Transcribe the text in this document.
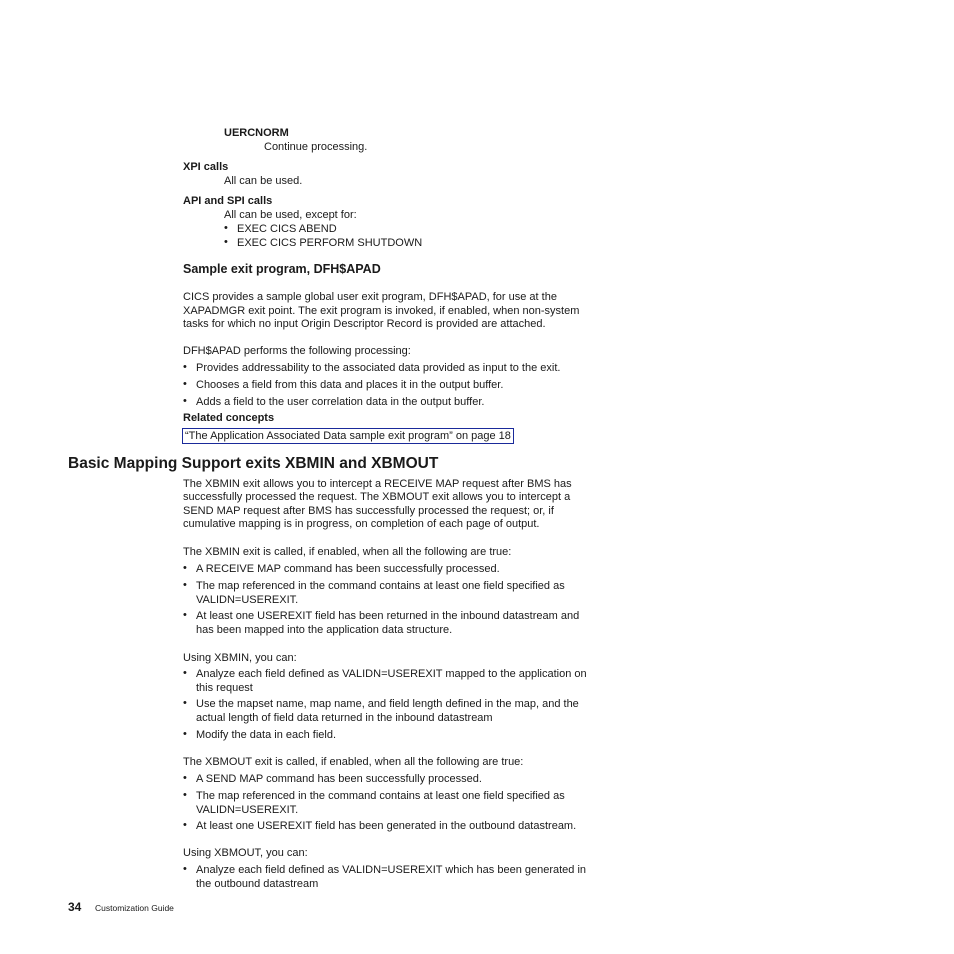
UERCNORM
Continue processing.
XPI calls
All can be used.
API and SPI calls
All can be used, except for:
• EXEC CICS ABEND
• EXEC CICS PERFORM SHUTDOWN
Sample exit program, DFH$APAD
CICS provides a sample global user exit program, DFH$APAD, for use at the
XAPADMGR exit point. The exit program is invoked, if enabled, when non-system
tasks for which no input Origin Descriptor Record is provided are attached.
DFH$APAD performs the following processing:
• Provides addressability to the associated data provided as input to the exit.
• Chooses a field from this data and places it in the output buffer.
• Adds a field to the user correlation data in the output buffer.
Related concepts
“The Application Associated Data sample exit program” on page 18
Basic Mapping Support exits XBMIN and XBMOUT
The XBMIN exit allows you to intercept a RECEIVE MAP request after BMS has
successfully processed the request. The XBMOUT exit allows you to intercept a
SEND MAP request after BMS has successfully processed the request; or, if
cumulative mapping is in progress, on completion of each page of output.
The XBMIN exit is called, if enabled, when all the following are true:
• A RECEIVE MAP command has been successfully processed.
• The map referenced in the command contains at least one field specified as
VALIDN=USEREXIT.
• At least one USEREXIT field has been returned in the inbound datastream and
has been mapped into the application data structure.
Using XBMIN, you can:
• Analyze each field defined as VALIDN=USEREXIT mapped to the application on
this request
• Use the mapset name, map name, and field length defined in the map, and the
actual length of field data returned in the inbound datastream
• Modify the data in each field.
The XBMOUT exit is called, if enabled, when all the following are true:
• A SEND MAP command has been successfully processed.
• The map referenced in the command contains at least one field specified as
VALIDN=USEREXIT.
• At least one USEREXIT field has been generated in the outbound datastream.
Using XBMOUT, you can:
• Analyze each field defined as VALIDN=USEREXIT which has been generated in
the outbound datastream
34 Customization Guide
